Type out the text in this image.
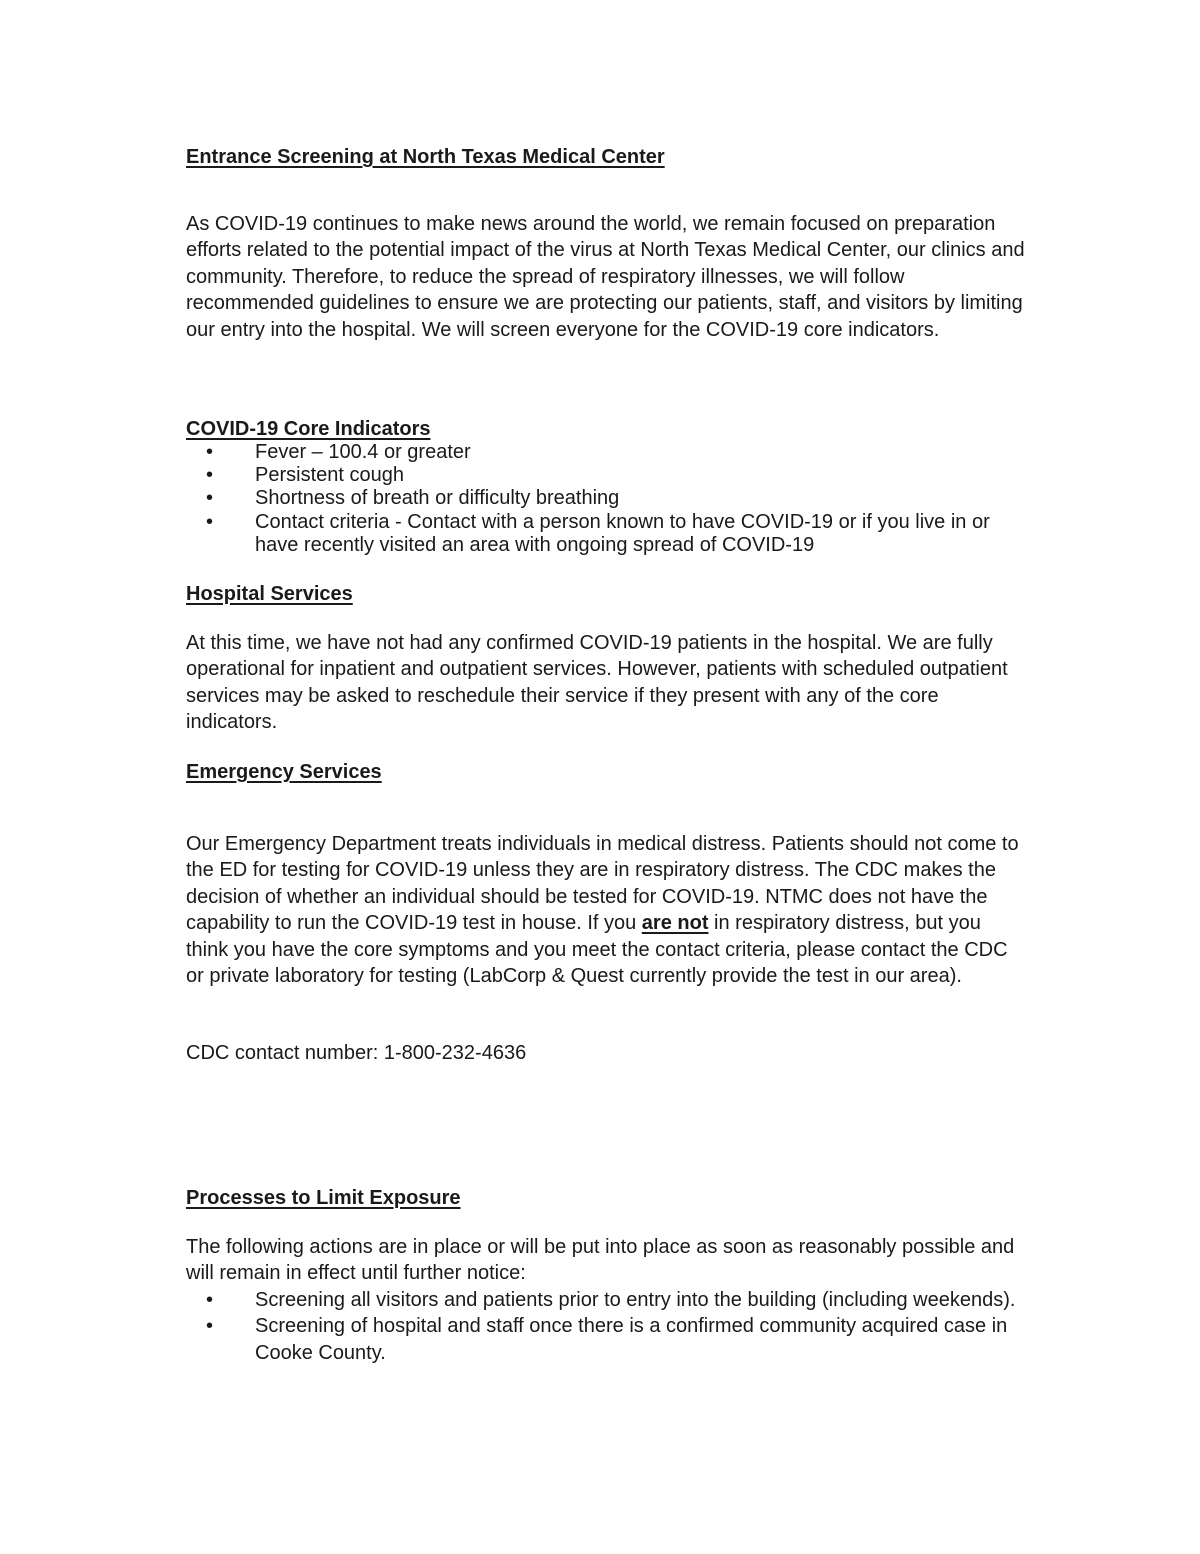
Entrance Screening at North Texas Medical Center

As COVID-19 continues to make news around the world, we remain focused on preparation efforts related to the potential impact of the virus at North Texas Medical Center, our clinics and community. Therefore, to reduce the spread of respiratory illnesses, we will follow recommended guidelines to ensure we are protecting our patients, staff, and visitors by limiting our entry into the hospital. We will screen everyone for the COVID-19 core indicators.

COVID-19 Core Indicators

• Fever – 100.4 or greater
• Persistent cough
• Shortness of breath or difficulty breathing
• Contact criteria - Contact with a person known to have COVID-19 or if you live in or have recently visited an area with ongoing spread of COVID-19

Hospital Services

At this time, we have not had any confirmed COVID-19 patients in the hospital. We are fully operational for inpatient and outpatient services. However, patients with scheduled outpatient services may be asked to reschedule their service if they present with any of the core indicators.

Emergency Services

Our Emergency Department treats individuals in medical distress. Patients should not come to the ED for testing for COVID-19 unless they are in respiratory distress. The CDC makes the decision of whether an individual should be tested for COVID-19. NTMC does not have the capability to run the COVID-19 test in house. If you are not in respiratory distress, but you think you have the core symptoms and you meet the contact criteria, please contact the CDC or private laboratory for testing (LabCorp & Quest currently provide the test in our area).

CDC contact number: 1-800-232-4636

Processes to Limit Exposure

The following actions are in place or will be put into place as soon as reasonably possible and will remain in effect until further notice:

• Screening all visitors and patients prior to entry into the building (including weekends).
• Screening of hospital and staff once there is a confirmed community acquired case in Cooke County.
